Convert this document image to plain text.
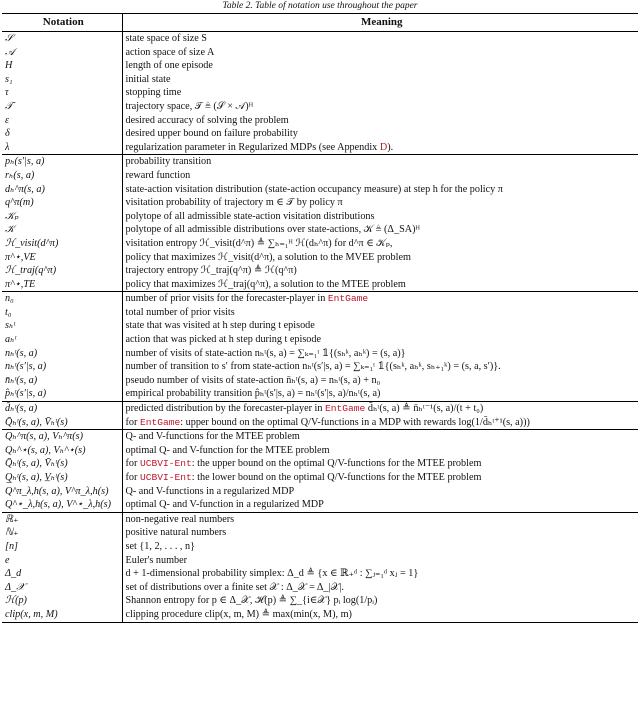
Table 2. Table of notation use throughout the paper
Notation	Meaning
𝒮	state space of size S
𝒜	action space of size A
H	length of one episode
s₁	initial state
τ	stopping time
𝒯	trajectory space, 𝒯 ≜ (𝒮 × 𝒜)ᴴ
ε	desired accuracy of solving the problem
δ	desired upper bound on failure probability
λ	regularization parameter in Regularized MDPs (see Appendix D).
pₕ(s′|s, a)	probability transition
rₕ(s, a)	reward function
dₕ^π(s, a)	state-action visitation distribution (state-action occupancy measure) at step h for the policy π
q^π(m)	visitation probability of trajectory m ∈ 𝒯 by policy π
𝒦ₚ	polytope of all admissible state-action visitation distributions
𝒦	polytope of all admissible distributions over state-actions, 𝒦 ≜ (Δ_SA)ᴴ
ℋ_visit(d^π)	visitation entropy ℋ_visit(d^π) ≜ ∑ₕ₌₁ᴴ ℋ(dₕ^π) for d^π ∈ 𝒦ₚ,
π^⋆,VE	policy that maximizes ℋ_visit(d^π), a solution to the MVEE problem
ℋ_traj(q^π)	trajectory entropy ℋ_traj(q^π) ≜ ℋ(q^π)
π^⋆,TE	policy that maximizes ℋ_traj(q^π), a solution to the MTEE problem
n₀	number of prior visits for the forecaster-player in EntGame
t₀	total number of prior visits
sₕᵗ	state that was visited at h step during t episode
aₕᵗ	action that was picked at h step during t episode
nₕᵗ(s, a)	number of visits of state-action nₕᵗ(s, a) = ∑ₖ₌₁ᵗ 𝟙{(sₕᵏ, aₕᵏ) = (s, a)}
nₕᵗ(s′|s, a)	number of transition to s′ from state-action nₕᵗ(s′|s, a) = ∑ₖ₌₁ᵗ 𝟙{(sₕᵏ, aₕᵏ, sₕ₊₁ᵏ) = (s, a, s′)}.
n̄ₕᵗ(s, a)	pseudo number of visits of state-action n̄ₕᵗ(s, a) = nₕᵗ(s, a) + n₀
p̂ₕᵗ(s′|s, a)	empirical probability transition p̂ₕᵗ(s′|s, a) = nₕᵗ(s′|s, a)/nₕᵗ(s, a)
d̄ₕᵗ(s, a)	predicted distribution by the forecaster-player in EntGame d̄ₕᵗ(s, a) ≜ n̄ₕᵗ⁻¹(s, a)/(t + t₀)
Q̄ₕᵗ(s, a), V̄ₕᵗ(s)	for EntGame: upper bound on the optimal Q/V-functions in a MDP with rewards log(1/d̄ₕᵗ⁺¹(s, a)))
Qₕ^π(s, a), Vₕ^π(s)	Q- and V-functions for the MTEE problem
Qₕ^⋆(s, a), Vₕ^⋆(s)	optimal Q- and V-function for the MTEE problem
Q̄ₕᵗ(s, a), V̄ₕᵗ(s)	for UCBVI-Ent: the upper bound on the optimal Q/V-functions for the MTEE problem
Q̲ₕᵗ(s, a), V̲ₕᵗ(s)	for UCBVI-Ent: the lower bound on the optimal Q/V-functions for the MTEE problem
Q^π_λ,h(s, a), V^π_λ,h(s)	Q- and V-functions in a regularized MDP
Q^⋆_λ,h(s, a), V^⋆_λ,h(s)	optimal Q- and V-function in a regularized MDP
ℝ₊	non-negative real numbers
ℕ₊	positive natural numbers
[n]	set {1, 2, . . . , n}
e	Euler's number
Δ_d	d + 1-dimensional probability simplex: Δ_d ≜ {x ∈ ℝ₊ᵈ : ∑ⱼ₌₁ᵈ xⱼ = 1}
Δ_𝒳	set of distributions over a finite set 𝒳 : Δ_𝒳 = Δ_|𝒳|.
ℋ(p)	Shannon entropy for p ∈ Δ_𝒳, ℋ(p) ≜ ∑_{i∈𝒳} pᵢ log(1/pᵢ)
clip(x, m, M)	clipping procedure clip(x, m, M) ≜ max(min(x, M), m)
